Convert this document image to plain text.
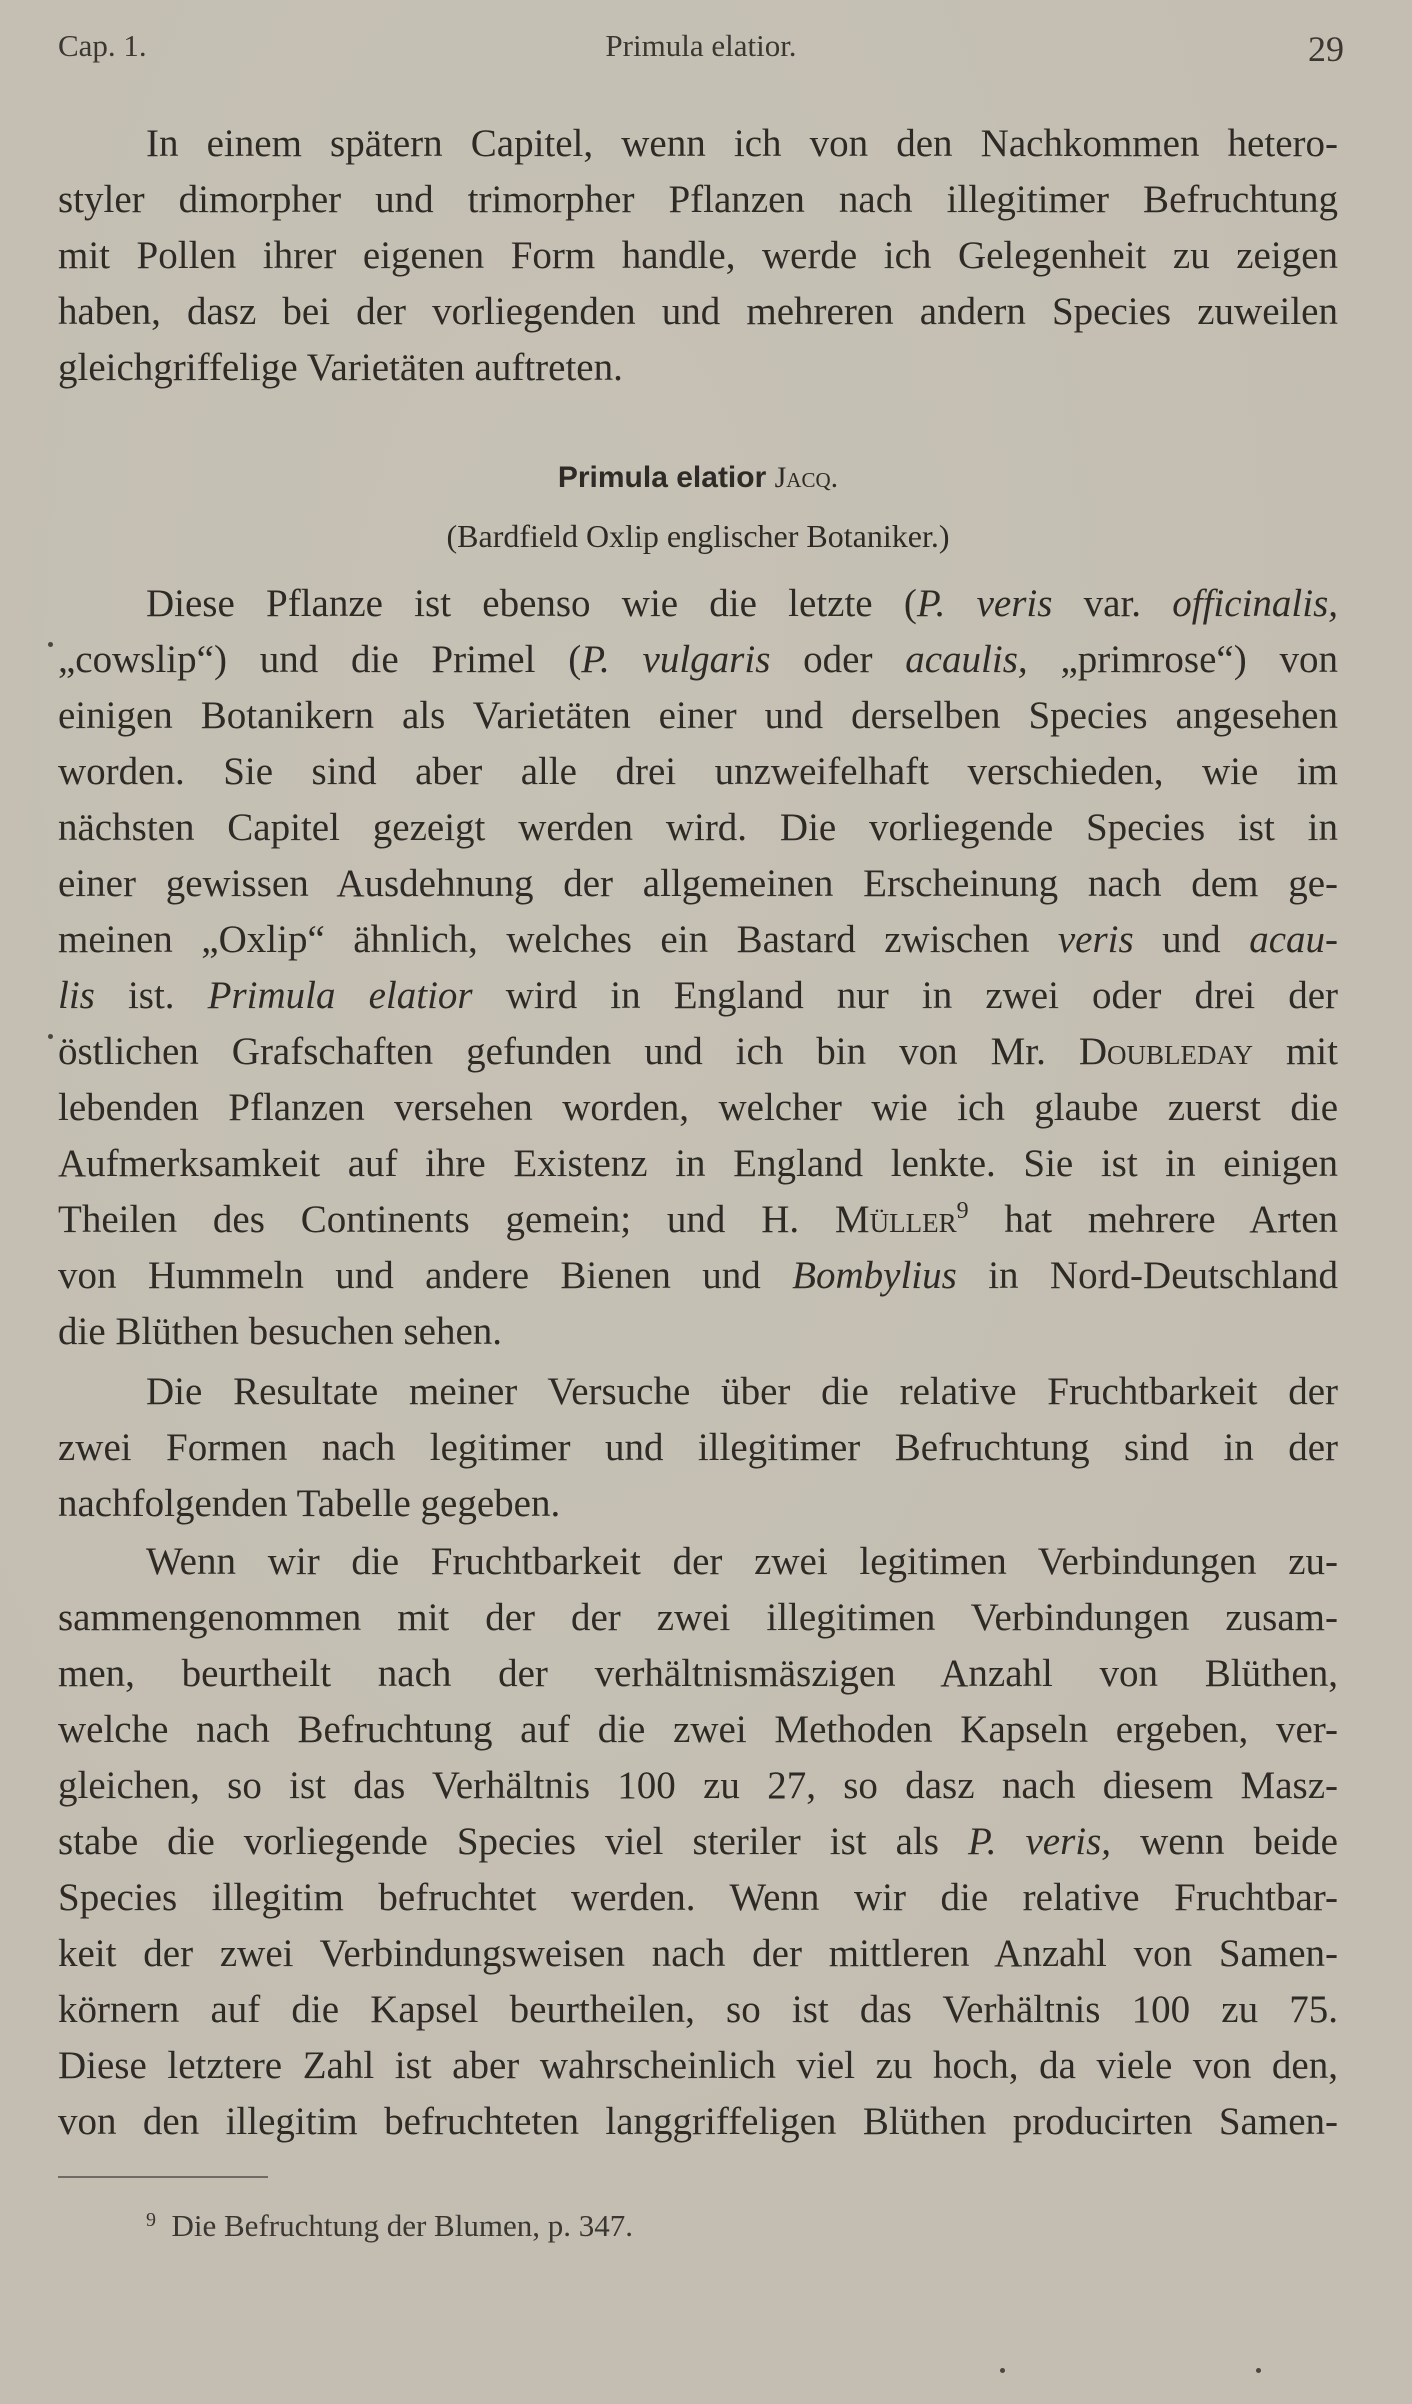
Cap. 1.	Primula elatior.	29
In einem spätern Capitel, wenn ich von den Nachkommen hetero-
styler dimorpher und trimorpher Pflanzen nach illegitimer Befruchtung
mit Pollen ihrer eigenen Form handle, werde ich Gelegenheit zu zeigen
haben, dasz bei der vorliegenden und mehreren andern Species zuweilen
gleichgriffelige Varietäten auftreten.
Primula elatior Jacq.
(Bardfield Oxlip englischer Botaniker.)
Diese Pflanze ist ebenso wie die letzte (P. veris var. officinalis,
„cowslip“) und die Primel (P. vulgaris oder acaulis, „primrose“) von
einigen Botanikern als Varietäten einer und derselben Species angesehen
worden. Sie sind aber alle drei unzweifelhaft verschieden, wie im
nächsten Capitel gezeigt werden wird. Die vorliegende Species ist in
einer gewissen Ausdehnung der allgemeinen Erscheinung nach dem ge-
meinen „Oxlip“ ähnlich, welches ein Bastard zwischen veris und acau-
lis ist. Primula elatior wird in England nur in zwei oder drei der
östlichen Grafschaften gefunden und ich bin von Mr. Doubleday mit
lebenden Pflanzen versehen worden, welcher wie ich glaube zuerst die
Aufmerksamkeit auf ihre Existenz in England lenkte. Sie ist in einigen
Theilen des Continents gemein; und H. Müller$^9$ hat mehrere Arten
von Hummeln und andere Bienen und Bombylius in Nord-Deutschland
die Blüthen besuchen sehen.
Die Resultate meiner Versuche über die relative Fruchtbarkeit der
zwei Formen nach legitimer und illegitimer Befruchtung sind in der
nachfolgenden Tabelle gegeben.
Wenn wir die Fruchtbarkeit der zwei legitimen Verbindungen zu-
sammengenommen mit der der zwei illegitimen Verbindungen zusam-
men, beurtheilt nach der verhältnismäszigen Anzahl von Blüthen,
welche nach Befruchtung auf die zwei Methoden Kapseln ergeben, ver-
gleichen, so ist das Verhältnis 100 zu 27, so dasz nach diesem Masz-
stabe die vorliegende Species viel steriler ist als P. veris, wenn beide
Species illegitim befruchtet werden. Wenn wir die relative Fruchtbar-
keit der zwei Verbindungsweisen nach der mittleren Anzahl von Samen-
körnern auf die Kapsel beurtheilen, so ist das Verhältnis 100 zu 75.
Diese letztere Zahl ist aber wahrscheinlich viel zu hoch, da viele von den,
von den illegitim befruchteten langgriffeligen Blüthen producirten Samen-
$^9$ Die Befruchtung der Blumen, p. 347.
